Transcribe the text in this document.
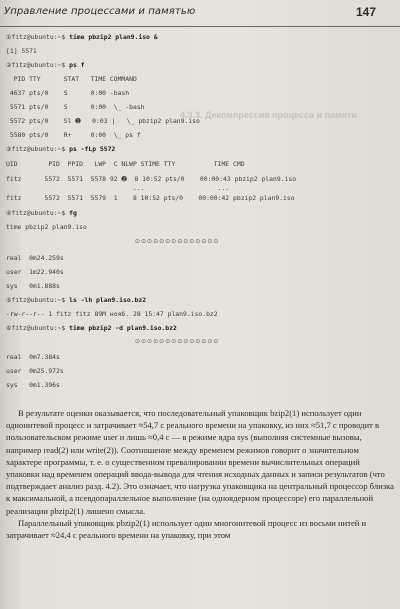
Управление процессами и памятью	147
①fitz@ubuntu:~$ time pbzip2 plan9.iso &
[1] 5571
②fitz@ubuntu:~$ ps f
PID TTY      STAT   TIME COMMAND
4637 pts/0    S      0:00 -bash
5571 pts/0    S      0:00  \_ -bash
5572 pts/0    Sl ➊   0:03 |   \_ pbzip2 plan9.iso
5580 pts/0    R+     0:00  \_ ps f
③fitz@ubuntu:~$ ps -fLp 5572
UID        PID  PPID   LWP  C NLWP STIME TTY          TIME CMD
fitz      5572  5571  5578 92 ➋  8 10:52 pts/0    00:00:43 pbzip2 plan9.iso
...                   ...
fitz      5572  5571  5579  1    8 10:52 pts/0    00:00:42 pbzip2 plan9.iso
④fitz@ubuntu:~$ fg
time pbzip2 plan9.iso
⊙⊙⊙⊙⊙⊙⊙⊙⊙⊙⊙⊙⊙⊙
real  0m24.259s
user  1m22.940s
sys   0m1.888s
⑤fitz@ubuntu:~$ ls -lh plan9.iso.bz2
-rw-r--r-- 1 fitz fitz 89M нояб. 28 15:47 plan9.iso.bz2
⑥fitz@ubuntu:~$ time pbzip2 -d plan9.iso.bz2
⊙⊙⊙⊙⊙⊙⊙⊙⊙⊙⊙⊙⊙⊙
real  0m7.384s
user  0m25.972s
sys   0m1.396s
4.3.3. Декомпрессия процесса и памяти

В результате оценки оказывается, что последовательный упаковщик bzip2(1) использует один однонитевой процесс и затрачивает ≈54,7 с реального времени на упаковку, из них ≈51,7 с проводит в пользовательском режиме user и лишь ≈0,4 с — в режиме ядра sys (выполняя системные вызовы, например read(2) или write(2)). Соотношение между временем режимов говорит о значительном характере программы, т. е. о существенном превалировании времени вычислительных операций упаковки над временем операций ввода-вывода для чтения исходных данных и записи результатов (что подтверждает анализ разд. 4.2). Это означает, что нагрузка упаковщика на центральный процессор близка к максимальной, а псевдопараллельное выполнение (на одноядерном процессоре) его параллельной реализации pbzip2(1) лишено смысла.

Параллельный упаковщик pbzip2(1) использует один многонитевой процесс из восьми нитей и затрачивает ≈24,4 с реального времени на упаковку, при этом
